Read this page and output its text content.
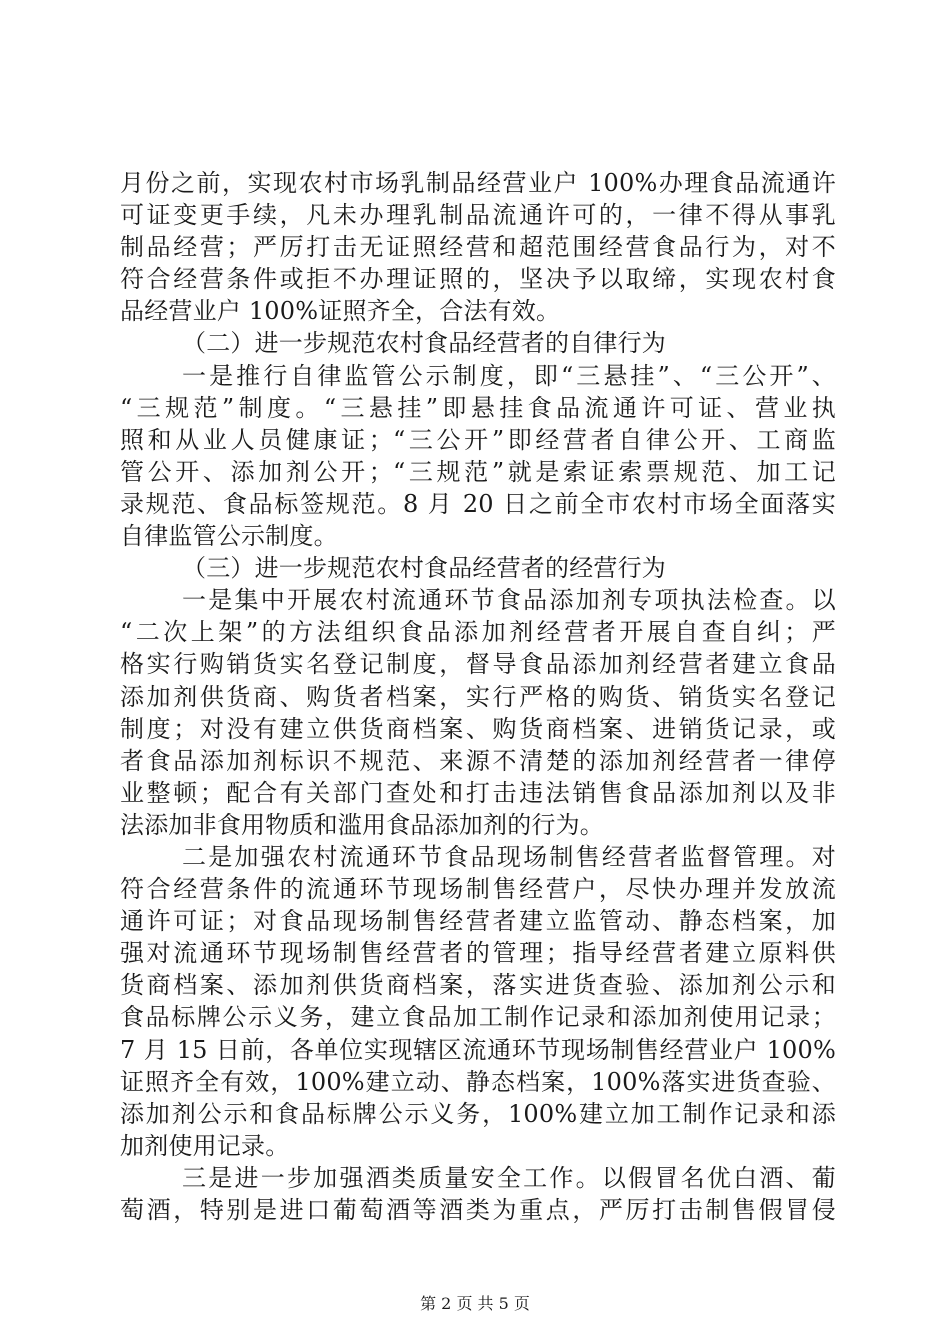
月份之前，实现农村市场乳制品经营业户 100%办理食品流通许
可证变更手续，凡未办理乳制品流通许可的，一律不得从事乳
制品经营；严厉打击无证照经营和超范围经营食品行为，对不
符合经营条件或拒不办理证照的，坚决予以取缔，实现农村食
品经营业户 100%证照齐全，合法有效。
（二）进一步规范农村食品经营者的自律行为
一是推行自律监管公示制度，即“三悬挂”、“三公开”、
“三规范”制度。“三悬挂”即悬挂食品流通许可证、营业执
照和从业人员健康证；“三公开”即经营者自律公开、工商监
管公开、添加剂公开；“三规范”就是索证索票规范、加工记
录规范、食品标签规范。8 月 20 日之前全市农村市场全面落实
自律监管公示制度。
（三）进一步规范农村食品经营者的经营行为
一是集中开展农村流通环节食品添加剂专项执法检查。以
“二次上架”的方法组织食品添加剂经营者开展自查自纠；严
格实行购销货实名登记制度，督导食品添加剂经营者建立食品
添加剂供货商、购货者档案，实行严格的购货、销货实名登记
制度；对没有建立供货商档案、购货商档案、进销货记录，或
者食品添加剂标识不规范、来源不清楚的添加剂经营者一律停
业整顿；配合有关部门查处和打击违法销售食品添加剂以及非
法添加非食用物质和滥用食品添加剂的行为。
二是加强农村流通环节食品现场制售经营者监督管理。对
符合经营条件的流通环节现场制售经营户，尽快办理并发放流
通许可证；对食品现场制售经营者建立监管动、静态档案，加
强对流通环节现场制售经营者的管理；指导经营者建立原料供
货商档案、添加剂供货商档案，落实进货查验、添加剂公示和
食品标牌公示义务，建立食品加工制作记录和添加剂使用记录；
7 月 15 日前，各单位实现辖区流通环节现场制售经营业户 100%
证照齐全有效，100%建立动、静态档案，100%落实进货查验、
添加剂公示和食品标牌公示义务，100%建立加工制作记录和添
加剂使用记录。
三是进一步加强酒类质量安全工作。以假冒名优白酒、葡
萄酒，特别是进口葡萄酒等酒类为重点，严厉打击制售假冒侵
第 2 页 共 5 页
